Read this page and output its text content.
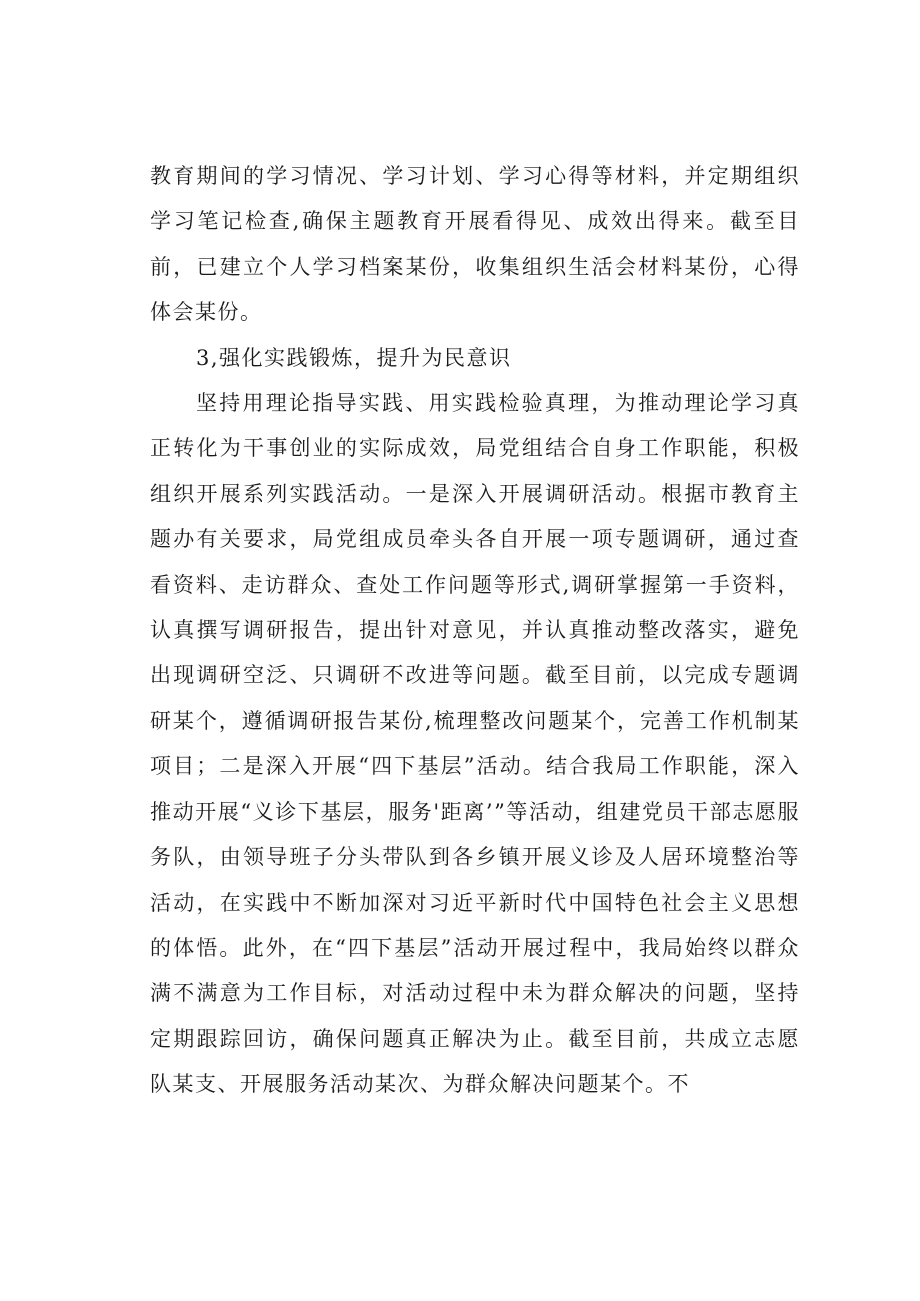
教育期间的学习情况、学习计划、学习心得等材料，并定期组织学习笔记检查,确保主题教育开展看得见、成效出得来。截至目前，已建立个人学习档案某份，收集组织生活会材料某份，心得体会某份。

3,强化实践锻炼，提升为民意识

坚持用理论指导实践、用实践检验真理，为推动理论学习真正转化为干事创业的实际成效，局党组结合自身工作职能，积极组织开展系列实践活动。一是深入开展调研活动。根据市教育主题办有关要求，局党组成员牵头各自开展一项专题调研，通过查看资料、走访群众、查处工作问题等形式,调研掌握第一手资料，认真撰写调研报告，提出针对意见，并认真推动整改落实，避免出现调研空泛、只调研不改进等问题。截至目前，以完成专题调研某个，遵循调研报告某份,梳理整改问题某个，完善工作机制某项目；二是深入开展“四下基层”活动。结合我局工作职能，深入推动开展“义诊下基层，服务'距离’”等活动，组建党员干部志愿服务队，由领导班子分头带队到各乡镇开展义诊及人居环境整治等活动，在实践中不断加深对习近平新时代中国特色社会主义思想的体悟。此外，在“四下基层”活动开展过程中，我局始终以群众满不满意为工作目标，对活动过程中未为群众解决的问题，坚持定期跟踪回访，确保问题真正解决为止。截至目前，共成立志愿队某支、开展服务活动某次、为群众解决问题某个。不
